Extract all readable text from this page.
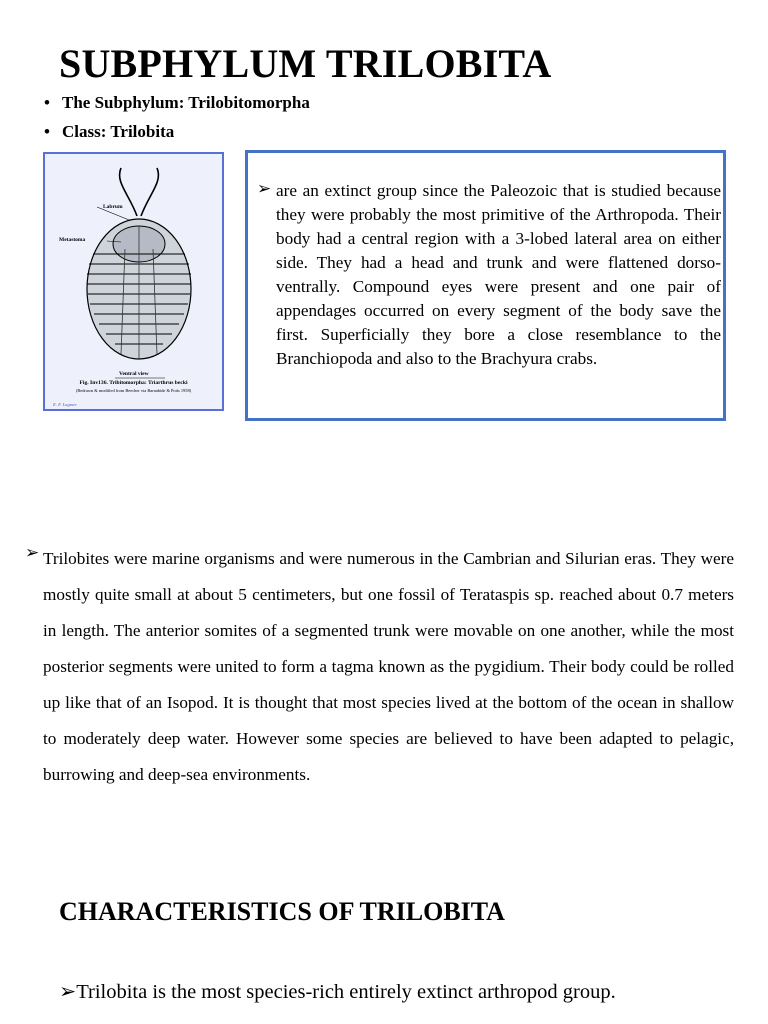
SUBPHYLUM TRILOBITA
• The Subphylum: Trilobitomorpha
• Class: Trilobita
Labrum
Metastoma
Ventral view
Fig. Inv136. Tribitomorpha: Triarthrus becki
(Redrawn & modified from Beecher via Barnabide & Potts 1958)
E. F. Lagmer
➢ are an extinct group since the Paleozoic that is studied because they were probably the most primitive of the Arthropoda. Their body had a central region with a 3-lobed lateral area on either side. They had a head and trunk and were flattened dorso-ventrally. Compound eyes were present and one pair of appendages occurred on every segment of the body save the first. Superficially they bore a close resemblance to the Branchiopoda and also to the Brachyura crabs.
➢ Trilobites were marine organisms and were numerous in the Cambrian and Silurian eras. They were mostly quite small at about 5 centimeters, but one fossil of Terataspis sp. reached about 0.7 meters in length. The anterior somites of a segmented trunk were movable on one another, while the most posterior segments were united to form a tagma known as the pygidium. Their body could be rolled up like that of an Isopod. It is thought that most species lived at the bottom of the ocean in shallow to moderately deep water. However some species are believed to have been adapted to pelagic, burrowing and deep-sea environments.

CHARACTERISTICS OF TRILOBITA
➢Trilobita is the most species-rich entirely extinct arthropod group.
